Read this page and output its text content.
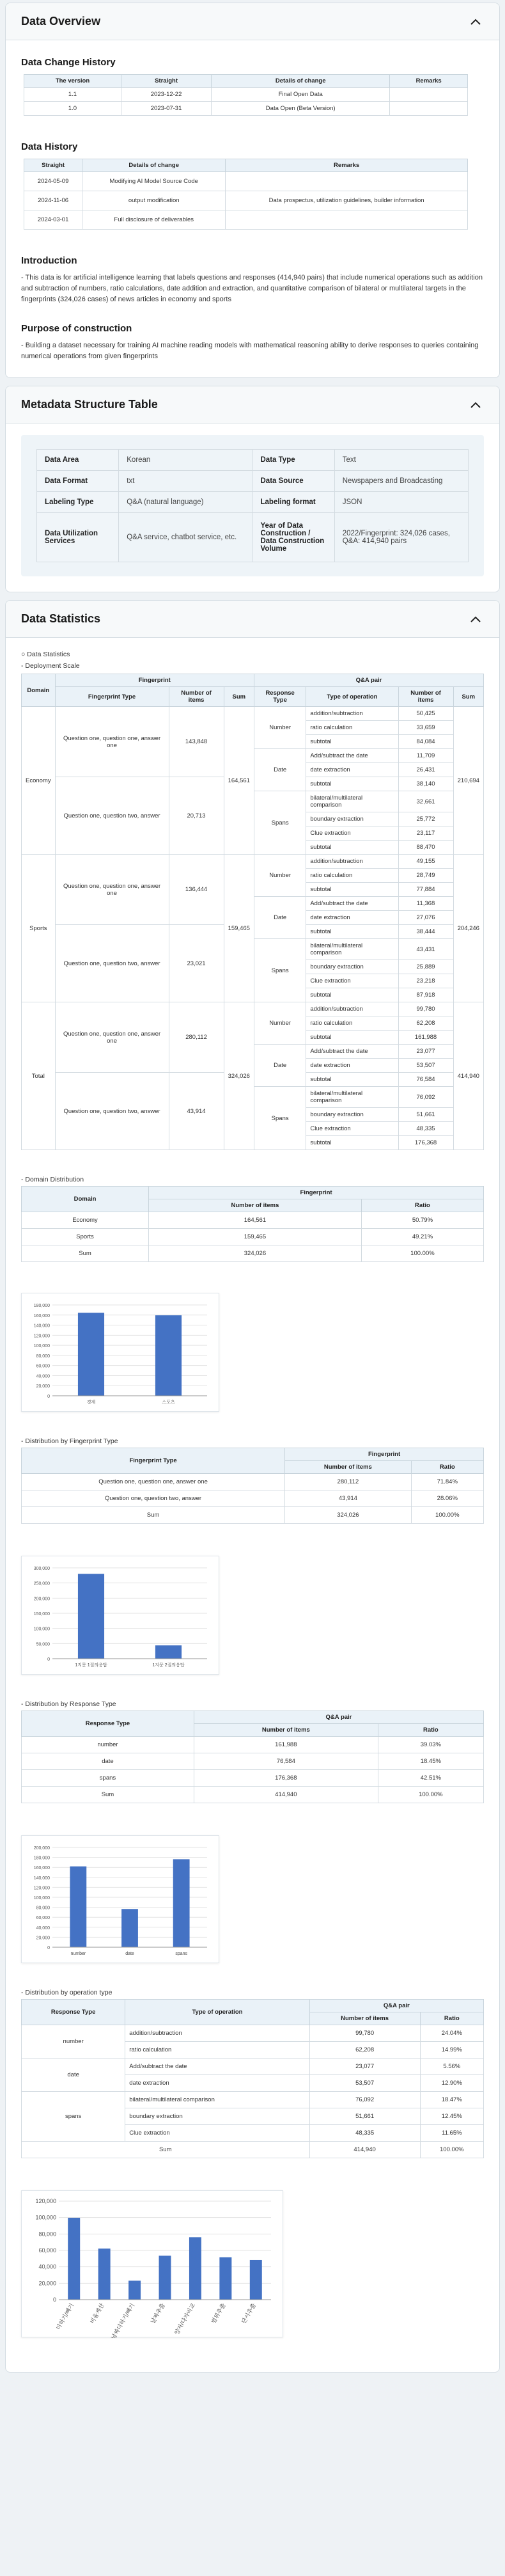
Data Overview
Data Change History
The version	Straight	Details of change	Remarks
1.1	2023-12-22	Final Open Data	
1.0	2023-07-31	Data Open (Beta Version)	
Data History
Straight	Details of change	Remarks
2024-05-09	Modifying AI Model Source Code	
2024-11-06	output modification	Data prospectus, utilization guidelines, builder information
2024-03-01	Full disclosure of deliverables	
Introduction

- This data is for artificial intelligence learning that labels questions and responses (414,940 pairs) that include numerical operations such as addition and subtraction of numbers, ratio calculations, date addition and extraction, and quantitative comparison of bilateral or multilateral targets in the fingerprints (324,026 cases) of news articles in economy and sports

Purpose of construction

- Building a dataset necessary for training AI machine reading models with mathematical reasoning ability to derive responses to queries containing numerical operations from given fingerprints

Metadata Structure Table
Data Area	Korean	Data Type	Text
Data Format	txt	Data Source	Newspapers and Broadcasting
Labeling Type	Q&A (natural language)	Labeling format	JSON
Data Utilization Services	Q&A service, chatbot service, etc.	Year of Data Construction / Data Construction Volume	2022/Fingerprint: 324,026 cases, Q&A: 414,940 pairs
Data Statistics
○ Data Statistics
- Deployment Scale
Domain	Fingerprint			Q&A pair			
	Fingerprint Type	Number of items	Sum	Response Type	Type of operation	Number of items	Sum
Economy	Question one, question one, answer one	143,848	164,561	Number	addition/subtraction	50,425	210,694
					ratio calculation	33,659	
					subtotal	84,084	
				Date	Add/subtract the date	11,709	
					date extraction	26,431	
	Question one, question two, answer	20,713			subtotal	38,140	
				Spans	bilateral/multilateral comparison	32,661	
					boundary extraction	25,772	
					Clue extraction	23,117	
					subtotal	88,470	
Sports	Question one, question one, answer one	136,444	159,465	Number	addition/subtraction	49,155	204,246
					ratio calculation	28,749	
					subtotal	77,884	
				Date	Add/subtract the date	11,368	
					date extraction	27,076	
	Question one, question two, answer	23,021			subtotal	38,444	
				Spans	bilateral/multilateral comparison	43,431	
					boundary extraction	25,889	
					Clue extraction	23,218	
					subtotal	87,918	
Total	Question one, question one, answer one	280,112	324,026	Number	addition/subtraction	99,780	414,940
					ratio calculation	62,208	
					subtotal	161,988	
				Date	Add/subtract the date	23,077	
					date extraction	53,507	
	Question one, question two, answer	43,914			subtotal	76,584	
				Spans	bilateral/multilateral comparison	76,092	
					boundary extraction	51,661	
					Clue extraction	48,335	
					subtotal	176,368	
- Domain Distribution
Domain	Fingerprint	
	Number of items	Ratio
Economy	164,561	50.79%
Sports	159,465	49.21%
Sum	324,026	100.00%
0
20,000
40,000
60,000
80,000
100,000
120,000
140,000
160,000
180,000
경제	스포츠
- Distribution by Fingerprint Type
Fingerprint Type	Fingerprint	
	Number of items	Ratio
Question one, question one, answer one	280,112	71.84%
Question one, question two, answer	43,914	28.06%
Sum	324,026	100.00%
0
50,000
100,000
150,000
200,000
250,000
300,000
1지문 1질의응답	1지문 2질의응답
- Distribution by Response Type
Response Type	Q&A pair	
	Number of items	Ratio
number	161,988	39.03%
date	76,584	18.45%
spans	176,368	42.51%
Sum	414,940	100.00%
0
20,000
40,000
60,000
80,000
100,000
120,000
140,000
160,000
180,000
200,000
number	date	spans
- Distribution by operation type
Response Type	Type of operation	Q&A pair	
		Number of items	Ratio
number	addition/subtraction	99,780	24.04%
	ratio calculation	62,208	14.99%
date	Add/subtract the date	23,077	5.56%
	date extraction	53,507	12.90%
spans	bilateral/multilateral comparison	76,092	18.47%
	boundary extraction	51,661	12.45%
	Clue extraction	48,335	11.65%
Sum		414,940	100.00%
0
20,000
40,000
60,000
80,000
100,000
120,000
더하기/빼기 비율계산 날짜더하기/빼기 날짜추출 양자/다자비교 범위추출 단서추출
